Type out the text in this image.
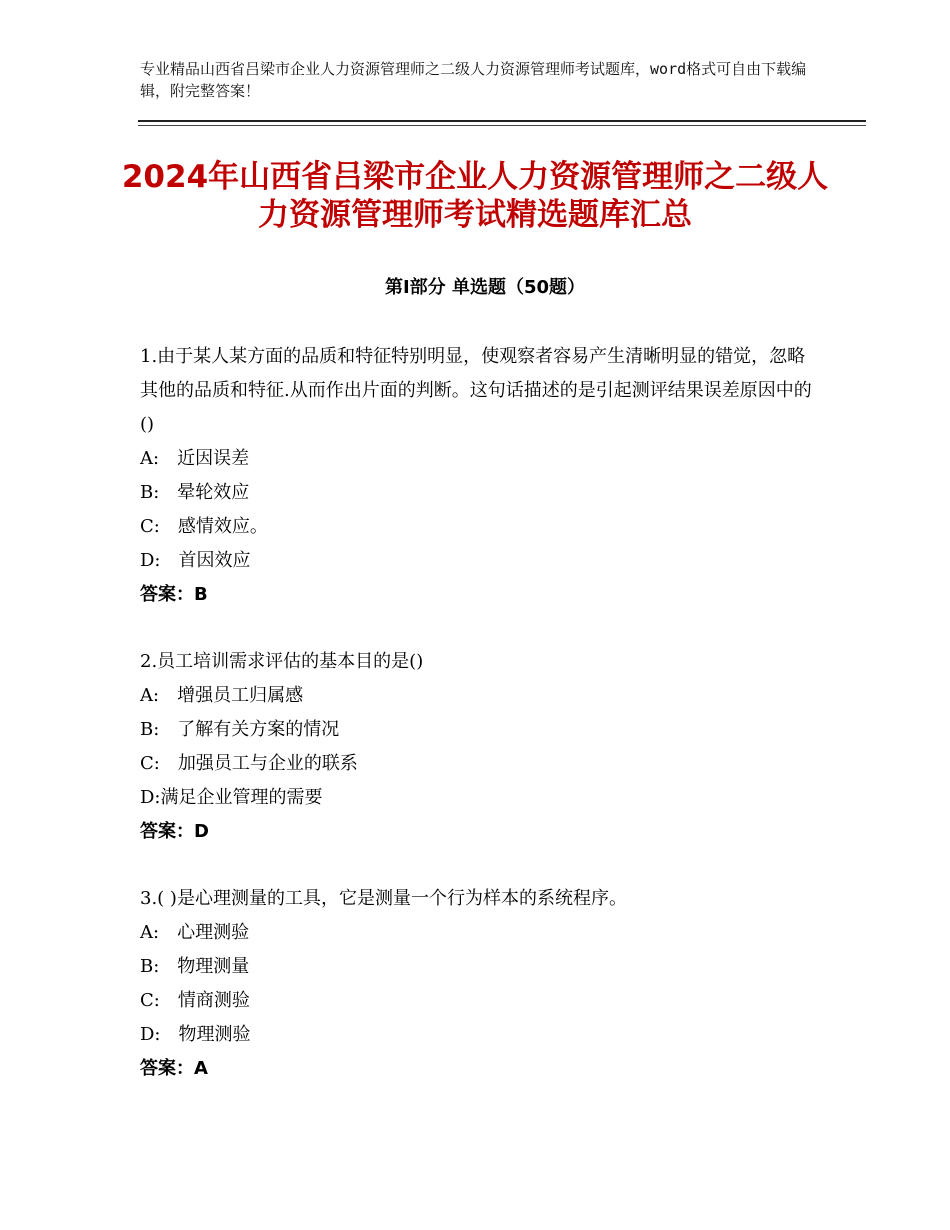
专业精品山西省吕梁市企业人力资源管理师之二级人力资源管理师考试题库，word格式可自由下载编辑，附完整答案！
2024年山西省吕梁市企业人力资源管理师之二级人力资源管理师考试精选题库汇总
第I部分 单选题（50题）

1.由于某人某方面的品质和特征特别明显，使观察者容易产生清晰明显的错觉，忽略其他的品质和特征.从而作出片面的判断。这句话描述的是引起测评结果误差原因中的()

A:　近因误差
B:　晕轮效应
C:　感情效应。
D:　首因效应
答案：B

2.员工培训需求评估的基本目的是()

A:　增强员工归属感
B:　了解有关方案的情况
C:　加强员工与企业的联系
D:满足企业管理的需要
答案：D

3.( )是心理测量的工具，它是测量一个行为样本的系统程序。

A:　心理测验
B:　物理测量
C:　情商测验
D:　物理测验
答案：A
